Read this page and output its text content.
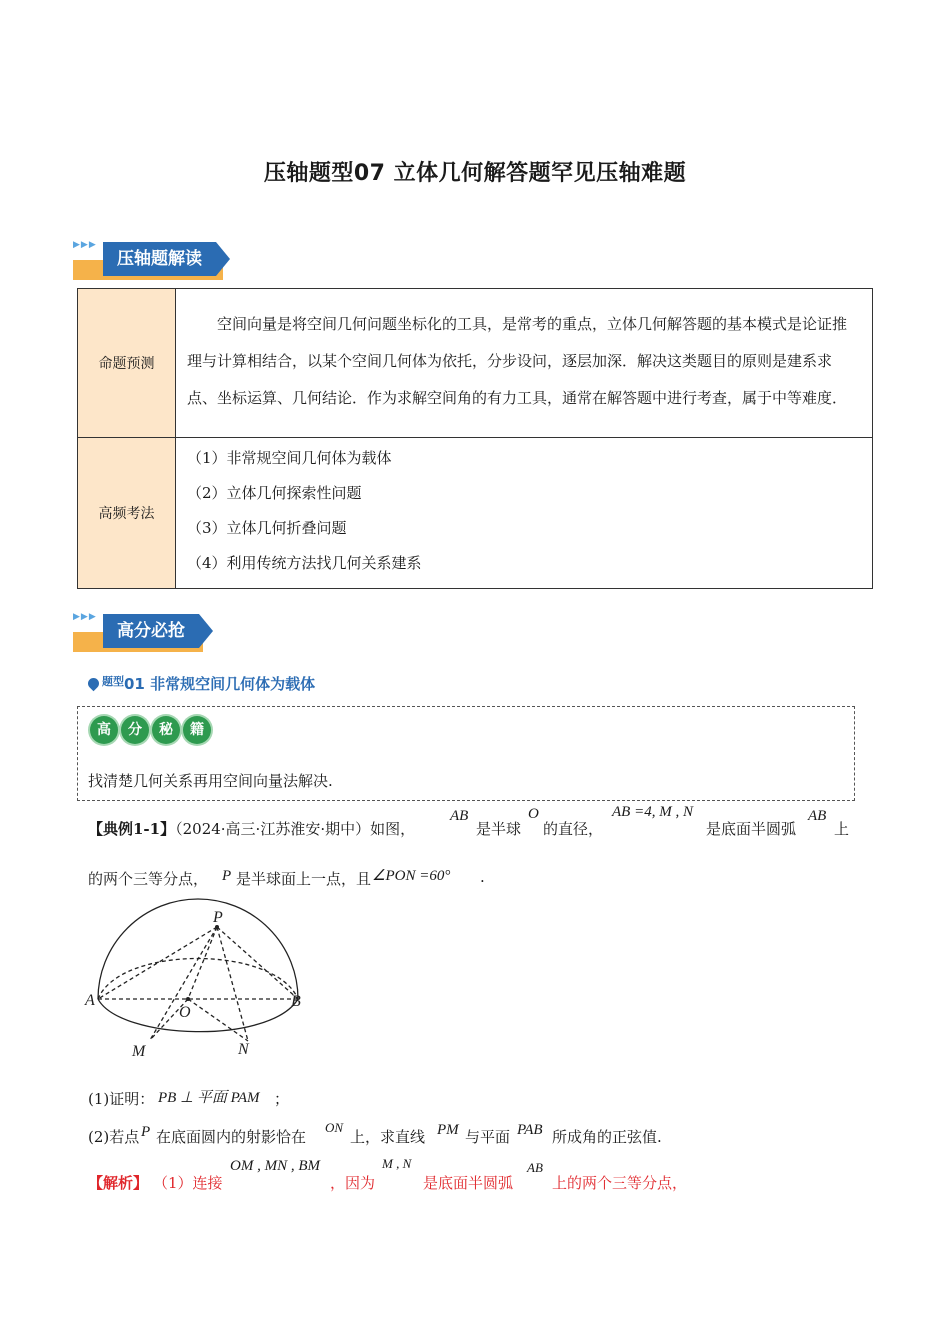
压轴题型07 立体几何解答题罕见压轴难题
▶▶▶
压轴题解读
命题预测	空间向量是将空间几何问题坐标化的工具，是常考的重点，立体几何解答题的基本模式是论证推理与计算相结合，以某个空间几何体为依托，分步设问，逐层加深．解决这类题目的原则是建系求点、坐标运算、几何结论．作为求解空间角的有力工具，通常在解答题中进行考查，属于中等难度．

高频考法	（1）非常规空间几何体为载体
（2）立体几何探索性问题
（3）立体几何折叠问题
（4）利用传统方法找几何关系建系
▶▶▶
高分必抢
$^{题型}$01 非常规空间几何体为载体
高 分 秘 籍
找清楚几何关系再用空间向量法解决.
【典例1-1】（2024·高三·江苏淮安·期中）如图，
AB
是半球
O
的直径，
AB =4, M , N
是底面半圆弧
AB
上
的两个三等分点， P 是半球面上一点，且 ∠PON =60° .
P
A	B
O
M	N
(1)证明： PB ⊥ 平面 PAM ；
(2)若点 P 在底面圆内的射影恰在
ON
上，求直线 PM 与平面 PAB 所成角的正弦值.
【解析】 （1）连接
OM , MN , BM
，因为
M , N
是底面半圆弧
AB
上的两个三等分点，
